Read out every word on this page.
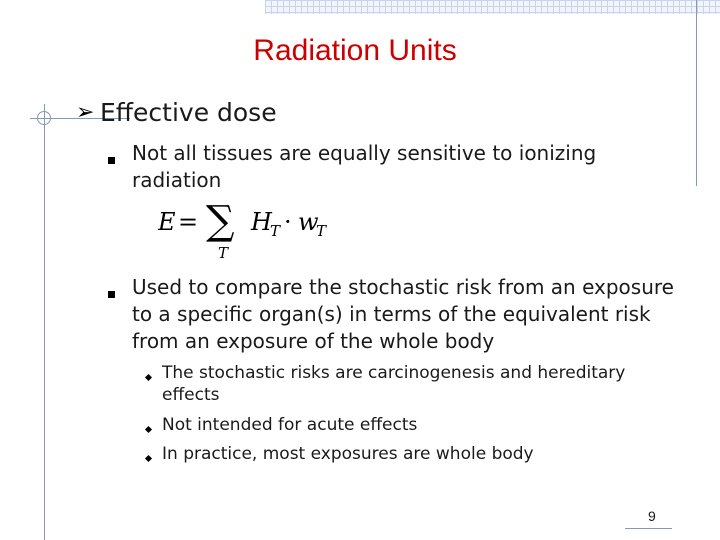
Radiation Units
➢ Effective dose
Not all tissues are equally sensitive to ionizing radiation
E = ∑
T
H
T · w
T
Used to compare the stochastic risk from an exposure to a specific organ(s) in terms of the equivalent risk from an exposure of the whole body
The stochastic risks are carcinogenesis and hereditary effects
Not intended for acute effects
In practice, most exposures are whole body
9
